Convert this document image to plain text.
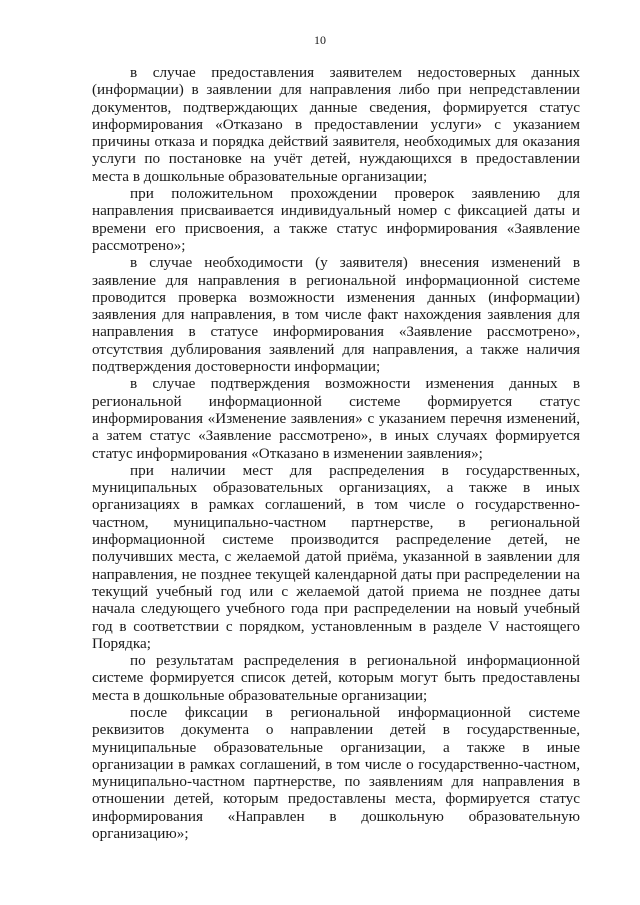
10

в случае предоставления заявителем недостоверных данных (информации) в заявлении для направления либо при непредставлении документов, подтверждающих данные сведения, формируется статус информирования «Отказано в предоставлении услуги» с указанием причины отказа и порядка действий заявителя, необходимых для оказания услуги по постановке на учёт детей, нуждающихся в предоставлении места в дошкольные образовательные организации;

при положительном прохождении проверок заявлению для направления присваивается индивидуальный номер с фиксацией даты и времени его присвоения, а также статус информирования «Заявление рассмотрено»;

в случае необходимости (у заявителя) внесения изменений в заявление для направления в региональной информационной системе проводится проверка возможности изменения данных (информации) заявления для направления, в том числе факт нахождения заявления для направления в статусе информирования «Заявление рассмотрено», отсутствия дублирования заявлений для направления, а также наличия подтверждения достоверности информации;

в случае подтверждения возможности изменения данных в региональной информационной системе формируется статус информирования «Изменение заявления» с указанием перечня изменений, а затем статус «Заявление рассмотрено», в иных случаях формируется статус информирования «Отказано в изменении заявления»;

при наличии мест для распределения в государственных, муниципальных образовательных организациях, а также в иных организациях в рамках соглашений, в том числе о государственно-частном, муниципально-частном партнерстве, в региональной информационной системе производится распределение детей, не получивших места, с желаемой датой приёма, указанной в заявлении для направления, не позднее текущей календарной даты при распределении на текущий учебный год или с желаемой датой приема не позднее даты начала следующего учебного года при распределении на новый учебный год в соответствии с порядком, установленным в разделе V настоящего Порядка;

по результатам распределения в региональной информационной системе формируется список детей, которым могут быть предоставлены места в дошкольные образовательные организации;

после фиксации в региональной информационной системе реквизитов документа о направлении детей в государственные, муниципальные образовательные организации, а также в иные организации в рамках соглашений, в том числе о государственно-частном, муниципально-частном партнерстве, по заявлениям для направления в отношении детей, которым предоставлены места, формируется статус информирования «Направлен в дошкольную образовательную организацию»;
